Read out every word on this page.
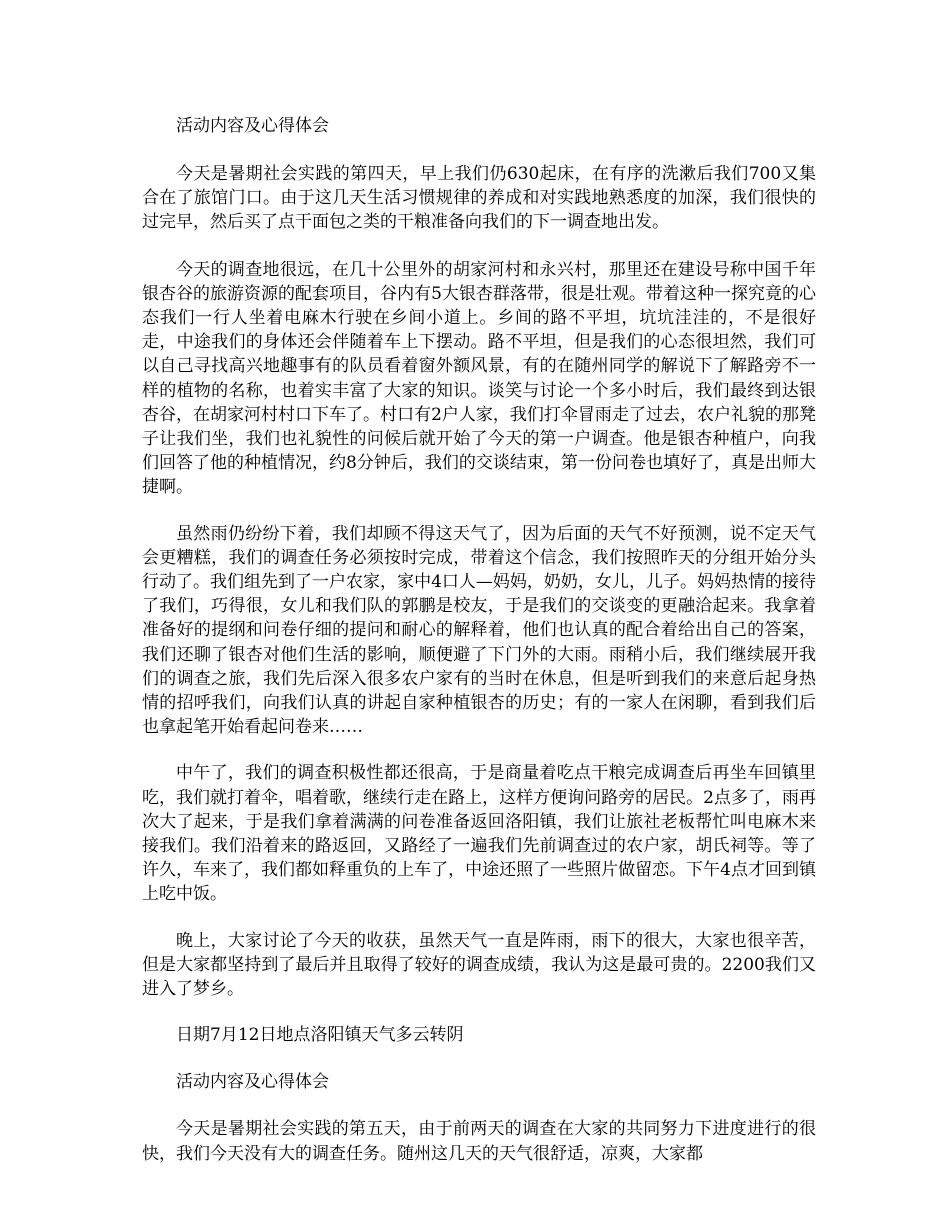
活动内容及心得体会

今天是暑期社会实践的第四天，早上我们仍630起床，在有序的洗漱后我们700又集合在了旅馆门口。由于这几天生活习惯规律的养成和对实践地熟悉度的加深，我们很快的过完早，然后买了点干面包之类的干粮准备向我们的下一调查地出发。

今天的调查地很远，在几十公里外的胡家河村和永兴村，那里还在建设号称中国千年银杏谷的旅游资源的配套项目，谷内有5大银杏群落带，很是壮观。带着这种一探究竟的心态我们一行人坐着电麻木行驶在乡间小道上。乡间的路不平坦，坑坑洼洼的，不是很好走，中途我们的身体还会伴随着车上下摆动。路不平坦，但是我们的心态很坦然，我们可以自己寻找高兴地趣事有的队员看着窗外额风景，有的在随州同学的解说下了解路旁不一样的植物的名称，也着实丰富了大家的知识。谈笑与讨论一个多小时后，我们最终到达银杏谷，在胡家河村村口下车了。村口有2户人家，我们打伞冒雨走了过去，农户礼貌的那凳子让我们坐，我们也礼貌性的问候后就开始了今天的第一户调查。他是银杏种植户，向我们回答了他的种植情况，约8分钟后，我们的交谈结束，第一份问卷也填好了，真是出师大捷啊。

虽然雨仍纷纷下着，我们却顾不得这天气了，因为后面的天气不好预测，说不定天气会更糟糕，我们的调查任务必须按时完成，带着这个信念，我们按照昨天的分组开始分头行动了。我们组先到了一户农家，家中4口人—妈妈，奶奶，女儿，儿子。妈妈热情的接待了我们，巧得很，女儿和我们队的郭鹏是校友，于是我们的交谈变的更融洽起来。我拿着准备好的提纲和问卷仔细的提问和耐心的解释着，他们也认真的配合着给出自己的答案，我们还聊了银杏对他们生活的影响，顺便避了下门外的大雨。雨稍小后，我们继续展开我们的调查之旅，我们先后深入很多农户家有的当时在休息，但是听到我们的来意后起身热情的招呼我们，向我们认真的讲起自家种植银杏的历史；有的一家人在闲聊，看到我们后也拿起笔开始看起问卷来……

中午了，我们的调查积极性都还很高，于是商量着吃点干粮完成调查后再坐车回镇里吃，我们就打着伞，唱着歌，继续行走在路上，这样方便询问路旁的居民。2点多了，雨再次大了起来，于是我们拿着满满的问卷准备返回洛阳镇，我们让旅社老板帮忙叫电麻木来接我们。我们沿着来的路返回，又路经了一遍我们先前调查过的农户家，胡氏祠等。等了许久，车来了，我们都如释重负的上车了，中途还照了一些照片做留恋。下午4点才回到镇上吃中饭。

晚上，大家讨论了今天的收获，虽然天气一直是阵雨，雨下的很大，大家也很辛苦，但是大家都坚持到了最后并且取得了较好的调查成绩，我认为这是最可贵的。2200我们又进入了梦乡。

日期7月12日地点洛阳镇天气多云转阴

活动内容及心得体会

今天是暑期社会实践的第五天，由于前两天的调查在大家的共同努力下进度进行的很快，我们今天没有大的调查任务。随州这几天的天气很舒适，凉爽，大家都
